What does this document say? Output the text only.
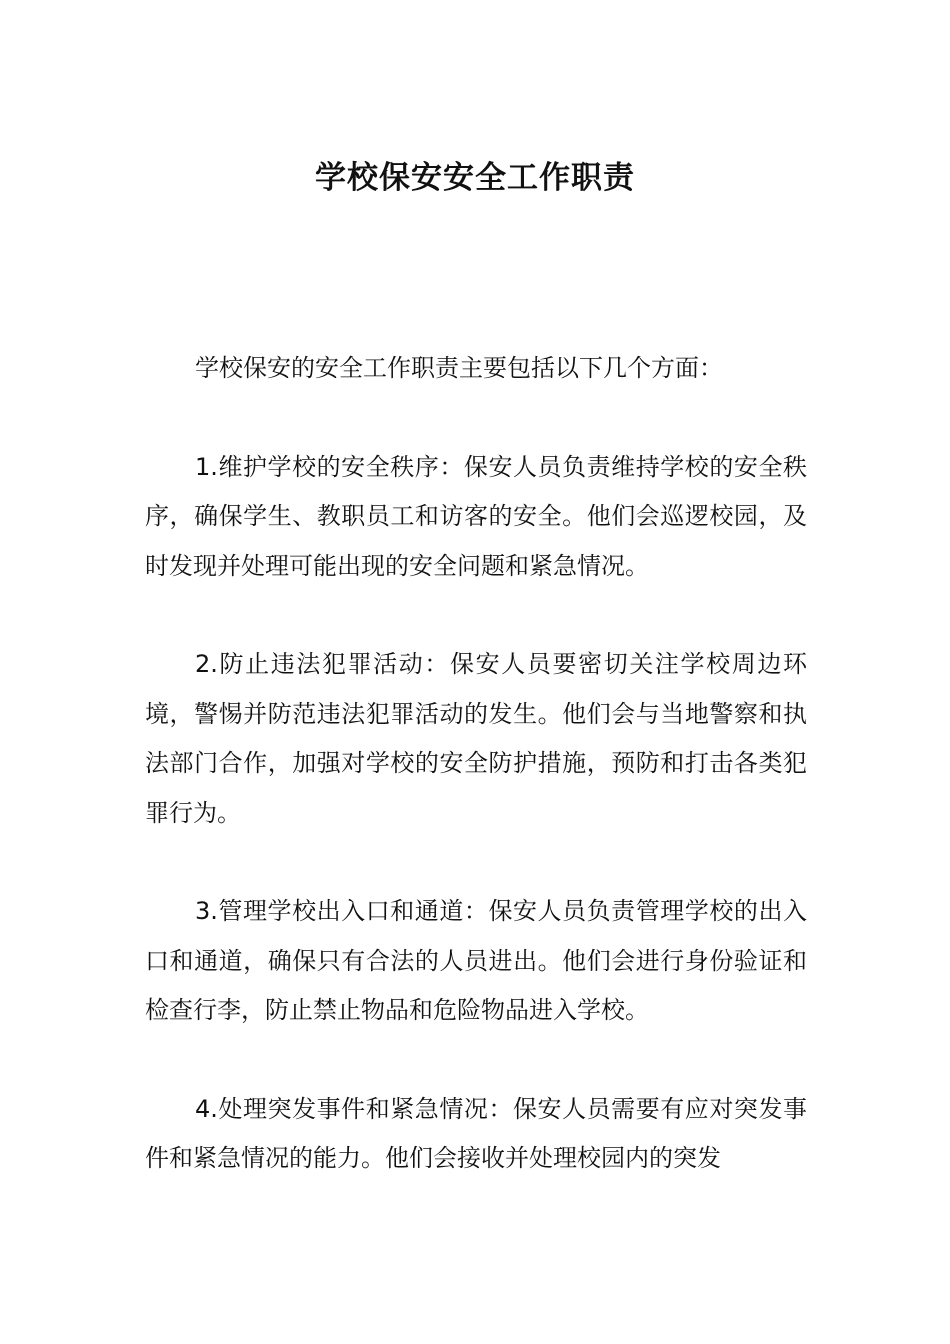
学校保安安全工作职责

学校保安的安全工作职责主要包括以下几个方面：

1.维护学校的安全秩序：保安人员负责维持学校的安全秩序，确保学生、教职员工和访客的安全。他们会巡逻校园，及时发现并处理可能出现的安全问题和紧急情况。

2.防止违法犯罪活动：保安人员要密切关注学校周边环境，警惕并防范违法犯罪活动的发生。他们会与当地警察和执法部门合作，加强对学校的安全防护措施，预防和打击各类犯罪行为。

3.管理学校出入口和通道：保安人员负责管理学校的出入口和通道，确保只有合法的人员进出。他们会进行身份验证和检查行李，防止禁止物品和危险物品进入学校。

4.处理突发事件和紧急情况：保安人员需要有应对突发事件和紧急情况的能力。他们会接收并处理校园内的突发
